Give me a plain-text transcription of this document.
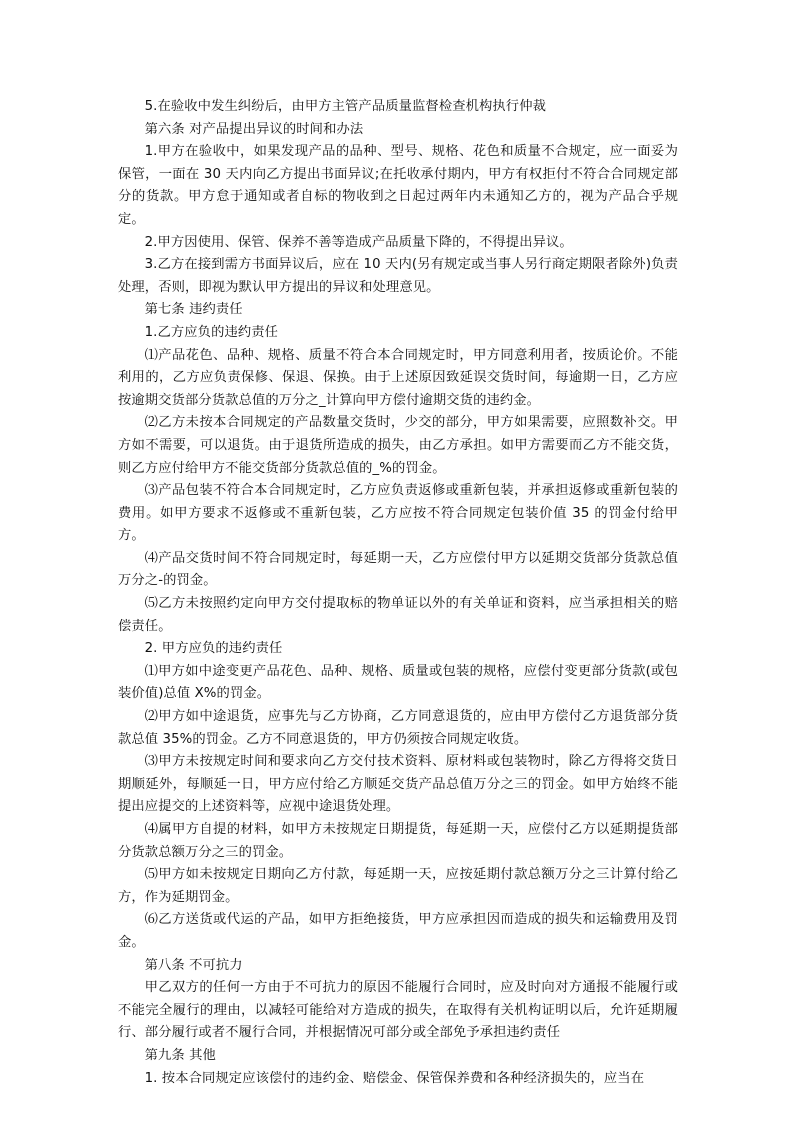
5.在验收中发生纠纷后，由甲方主管产品质量监督检查机构执行仲裁

第六条 对产品提出异议的时间和办法

1.甲方在验收中，如果发现产品的品种、型号、规格、花色和质量不合规定，应一面妥为保管，一面在 30 天内向乙方提出书面异议;在托收承付期内，甲方有权拒付不符合合同规定部分的货款。甲方怠于通知或者自标的物收到之日起过两年内未通知乙方的，视为产品合乎规定。

2.甲方因使用、保管、保养不善等造成产品质量下降的，不得提出异议。

3.乙方在接到需方书面异议后，应在 10 天内(另有规定或当事人另行商定期限者除外)负责处理，否则，即视为默认甲方提出的异议和处理意见。

第七条 违约责任

1.乙方应负的违约责任

⑴产品花色、品种、规格、质量不符合本合同规定时，甲方同意利用者，按质论价。不能利用的，乙方应负责保修、保退、保换。由于上述原因致延误交货时间，每逾期一日，乙方应按逾期交货部分货款总值的万分之_计算向甲方偿付逾期交货的违约金。

⑵乙方未按本合同规定的产品数量交货时，少交的部分，甲方如果需要，应照数补交。甲方如不需要，可以退货。由于退货所造成的损失，由乙方承担。如甲方需要而乙方不能交货，则乙方应付给甲方不能交货部分货款总值的_%的罚金。

⑶产品包装不符合本合同规定时，乙方应负责返修或重新包装，并承担返修或重新包装的费用。如甲方要求不返修或不重新包装，乙方应按不符合同规定包装价值 35 的罚金付给甲方。

⑷产品交货时间不符合同规定时，每延期一天，乙方应偿付甲方以延期交货部分货款总值万分之-的罚金。

⑸乙方未按照约定向甲方交付提取标的物单证以外的有关单证和资料，应当承担相关的赔偿责任。

2. 甲方应负的违约责任

⑴甲方如中途变更产品花色、品种、规格、质量或包装的规格，应偿付变更部分货款(或包装价值)总值 X%的罚金。

⑵甲方如中途退货，应事先与乙方协商，乙方同意退货的，应由甲方偿付乙方退货部分货款总值 35%的罚金。乙方不同意退货的，甲方仍须按合同规定收货。

⑶甲方未按规定时间和要求向乙方交付技术资料、原材料或包装物时，除乙方得将交货日期顺延外，每顺延一日，甲方应付给乙方顺延交货产品总值万分之三的罚金。如甲方始终不能提出应提交的上述资料等，应视中途退货处理。

⑷属甲方自提的材料，如甲方未按规定日期提货，每延期一天，应偿付乙方以延期提货部分货款总额万分之三的罚金。

⑸甲方如未按规定日期向乙方付款，每延期一天，应按延期付款总额万分之三计算付给乙方，作为延期罚金。

⑹乙方送货或代运的产品，如甲方拒绝接货，甲方应承担因而造成的损失和运输费用及罚金。

第八条 不可抗力

甲乙双方的任何一方由于不可抗力的原因不能履行合同时，应及时向对方通报不能履行或不能完全履行的理由，以减轻可能给对方造成的损失，在取得有关机构证明以后，允许延期履行、部分履行或者不履行合同，并根据情况可部分或全部免予承担违约责任

第九条 其他

1. 按本合同规定应该偿付的违约金、赔偿金、保管保养费和各种经济损失的，应当在
